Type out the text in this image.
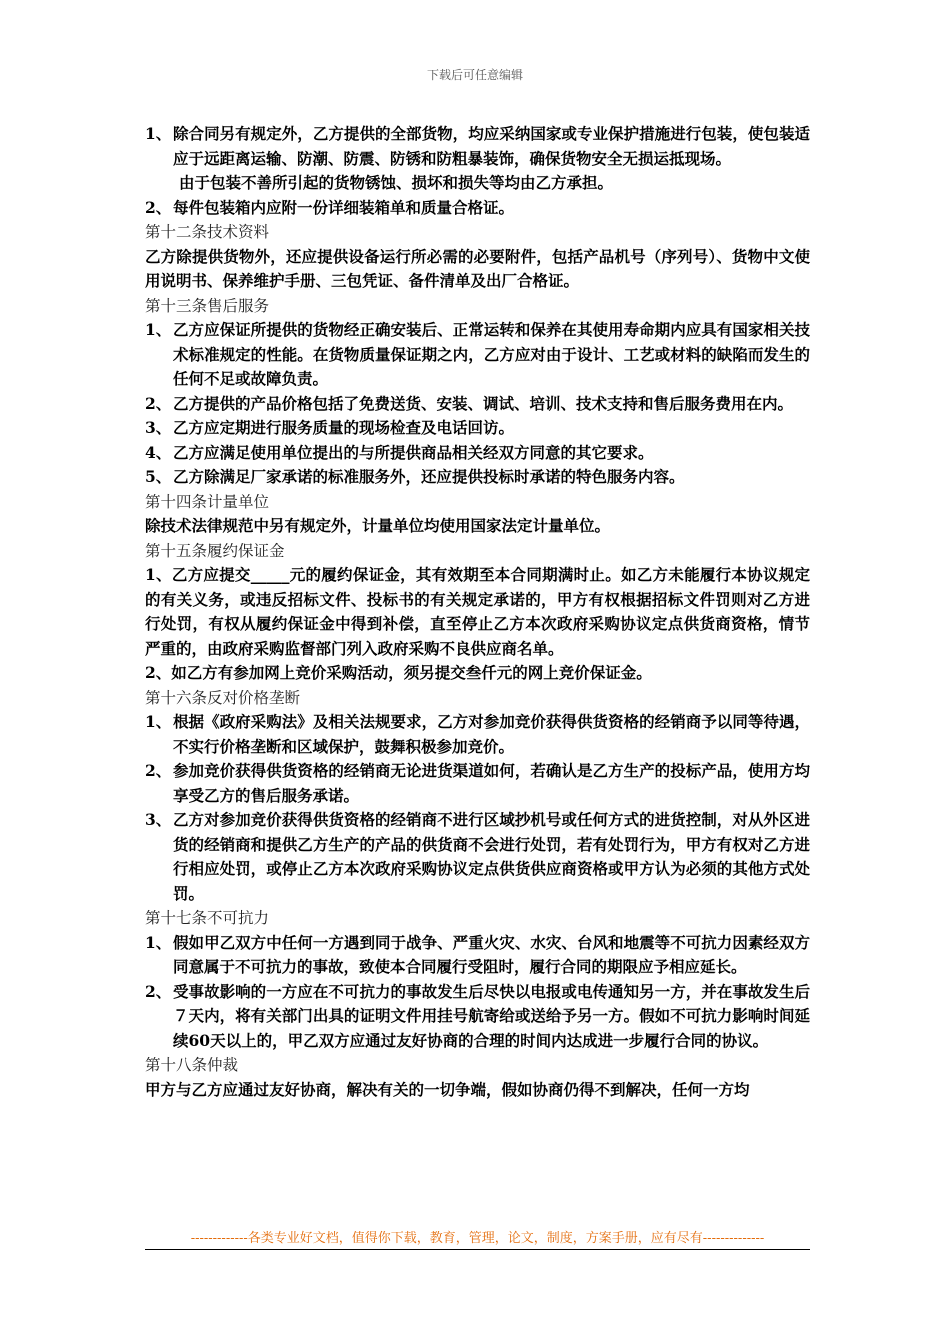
下载后可任意编辑
1、 除合同另有规定外，乙方提供的全部货物，均应采纳国家或专业保护措施进行包装，使包装适应于远距离运输、防潮、防震、防锈和防粗暴装饰，确保货物安全无损运抵现场。
由于包装不善所引起的货物锈蚀、损坏和损失等均由乙方承担。
2、 每件包装箱内应附一份详细装箱单和质量合格证。
第十二条技术资料
乙方除提供货物外，还应提供设备运行所必需的必要附件，包括产品机号（序列号）、货物中文使用说明书、保养维护手册、三包凭证、备件清单及出厂合格证。
第十三条售后服务
1、 乙方应保证所提供的货物经正确安装后、正常运转和保养在其使用寿命期内应具有国家相关技术标准规定的性能。在货物质量保证期之内，乙方应对由于设计、工艺或材料的缺陷而发生的任何不足或故障负责。
2、 乙方提供的产品价格包括了免费送货、安装、调试、培训、技术支持和售后服务费用在内。
3、 乙方应定期进行服务质量的现场检查及电话回访。
4、 乙方应满足使用单位提出的与所提供商品相关经双方同意的其它要求。
5、 乙方除满足厂家承诺的标准服务外，还应提供投标时承诺的特色服务内容。
第十四条计量单位
除技术法律规范中另有规定外，计量单位均使用国家法定计量单位。
第十五条履约保证金
1、乙方应提交_____元的履约保证金，其有效期至本合同期满时止。如乙方未能履行本协议规定的有关义务，或违反招标文件、投标书的有关规定承诺的，甲方有权根据招标文件罚则对乙方进行处罚，有权从履约保证金中得到补偿，直至停止乙方本次政府采购协议定点供货商资格，情节严重的，由政府采购监督部门列入政府采购不良供应商名单。
2、如乙方有参加网上竞价采购活动，须另提交叁仟元的网上竞价保证金。
第十六条反对价格垄断
1、 根据《政府采购法》及相关法规要求，乙方对参加竞价获得供货资格的经销商予以同等待遇，不实行价格垄断和区域保护，鼓舞积极参加竞价。
2、 参加竞价获得供货资格的经销商无论进货渠道如何，若确认是乙方生产的投标产品，使用方均享受乙方的售后服务承诺。
3、 乙方对参加竞价获得供货资格的经销商不进行区域抄机号或任何方式的进货控制，对从外区进货的经销商和提供乙方生产的产品的供货商不会进行处罚，若有处罚行为，甲方有权对乙方进行相应处罚，或停止乙方本次政府采购协议定点供货供应商资格或甲方认为必须的其他方式处罚。
第十七条不可抗力
1、 假如甲乙双方中任何一方遇到同于战争、严重火灾、水灾、台风和地震等不可抗力因素经双方同意属于不可抗力的事故，致使本合同履行受阻时，履行合同的期限应予相应延长。
2、 受事故影响的一方应在不可抗力的事故发生后尽快以电报或电传通知另一方，并在事故发生后７天内，将有关部门出具的证明文件用挂号航寄给或送给予另一方。假如不可抗力影响时间延续60天以上的，甲乙双方应通过友好协商的合理的时间内达成进一步履行合同的协议。
第十八条仲裁
甲方与乙方应通过友好协商，解决有关的一切争端，假如协商仍得不到解决，任何一方均
-------------各类专业好文档，值得你下载，教育，管理，论文，制度，方案手册，应有尽有--------------
